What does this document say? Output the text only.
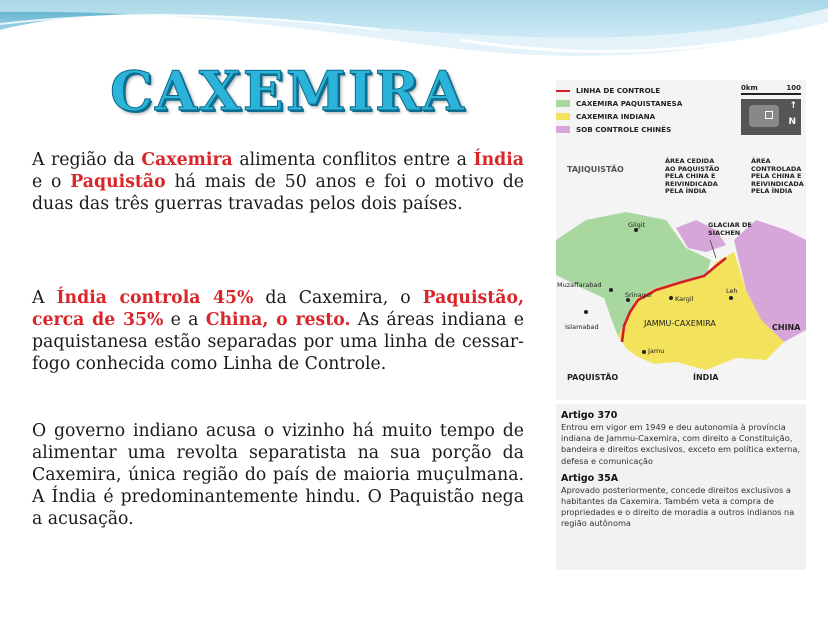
CAXEMIRA

A região da Caxemira alimenta conflitos entre a Índia e o Paquistão há mais de 50 anos e foi o motivo de duas das três guerras travadas pelos dois países.

A Índia controla 45% da Caxemira, o Paquistão, cerca de 35% e a China, o resto. As áreas indiana e paquistanesa estão separadas por uma linha de cessar-fogo conhecida como Linha de Controle.

O governo indiano acusa o vizinho há muito tempo de alimentar uma revolta separatista na sua porção da Caxemira, única região do país de maioria muçulmana. A Índia é predominantemente hindu. O Paquistão nega a acusação.

LINHA DE CONTROLE
CAXEMIRA PAQUISTANESA
CAXEMIRA INDIANA
SOB CONTROLE CHINÊS
0km	100
↑
N
TAJIQUISTÃO
ÁREA CEDIDA
AO PAQUISTÃO
PELA CHINA E
REIVINDICADA
PELA ÍNDIA
ÁREA
CONTROLADA
PELA CHINA E
REIVINDICADA
PELA ÍNDIA
GLACIAR DE
SIACHEN
Gilgit
Muzaffarabad
Srinagar	Kargil
Leh
Islamabad	JAMMU-CAXEMIRA	CHINA
Jamu
PAQUISTÃO	ÍNDIA
Artigo 370
Entrou em vigor em 1949 e deu autonomia à província indiana de Jammu-Caxemira, com direito a Constituição, bandeira e direitos exclusivos, exceto em política externa, defesa e comunicação
Artigo 35A
Aprovado posteriormente, concede direitos exclusivos a habitantes da Caxemira. Também veta a compra de propriedades e o direito de moradia a outros indianos na região autônoma
